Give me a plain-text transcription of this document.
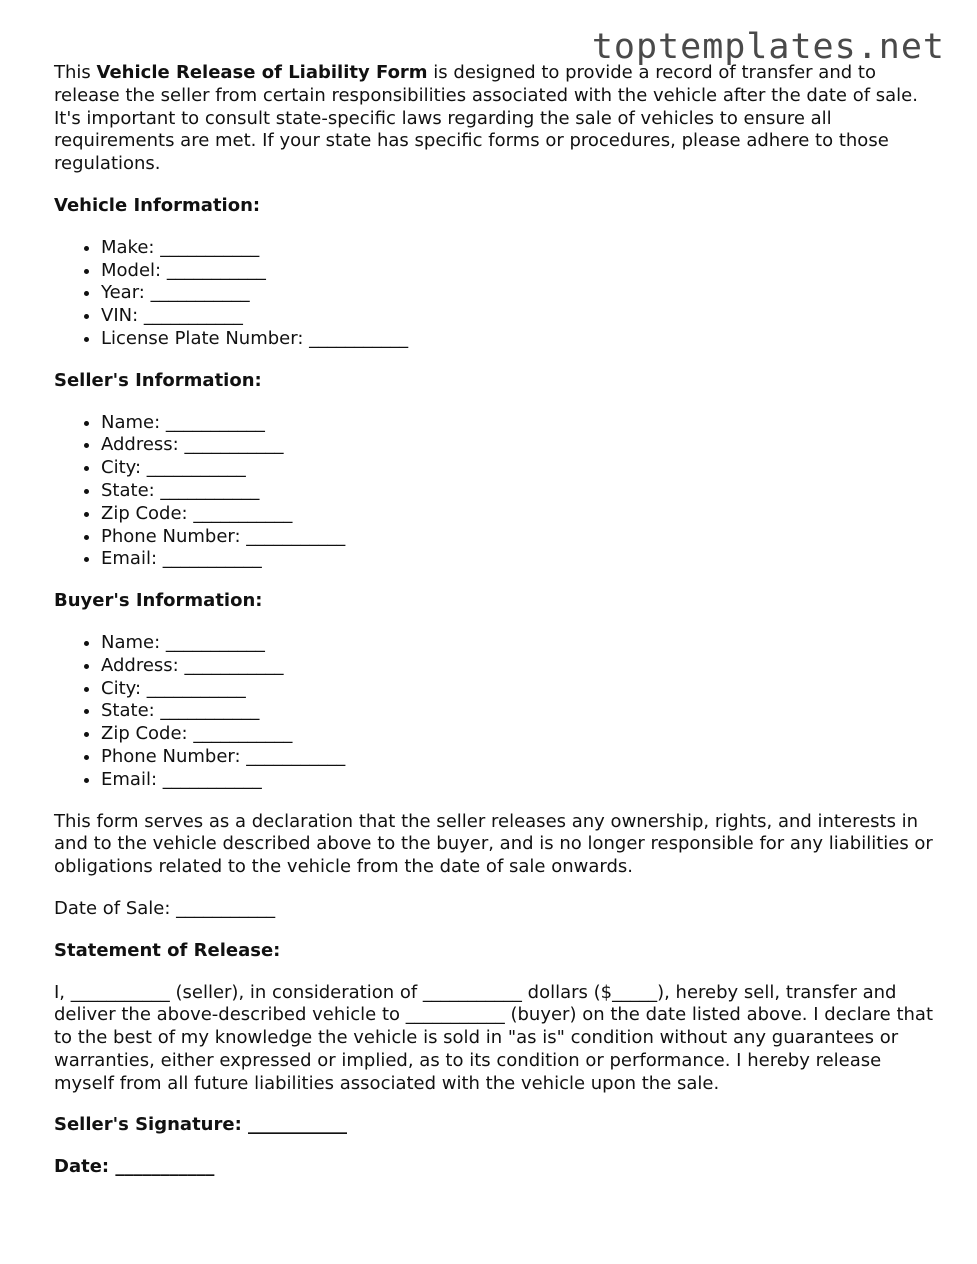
toptemplates.net

This Vehicle Release of Liability Form is designed to provide a record of transfer and to release the seller from certain responsibilities associated with the vehicle after the date of sale. It's important to consult state-specific laws regarding the sale of vehicles to ensure all requirements are met. If your state has specific forms or procedures, please adhere to those regulations.

Vehicle Information:

• Make: ___________
• Model: ___________
• Year: ___________
• VIN: ___________
• License Plate Number: ___________

Seller's Information:

• Name: ___________
• Address: ___________
• City: ___________
• State: ___________
• Zip Code: ___________
• Phone Number: ___________
• Email: ___________

Buyer's Information:

• Name: ___________
• Address: ___________
• City: ___________
• State: ___________
• Zip Code: ___________
• Phone Number: ___________
• Email: ___________

This form serves as a declaration that the seller releases any ownership, rights, and interests in and to the vehicle described above to the buyer, and is no longer responsible for any liabilities or obligations related to the vehicle from the date of sale onwards.

Date of Sale: ___________

Statement of Release:

I, ___________ (seller), in consideration of ___________ dollars ($_____), hereby sell, transfer and deliver the above-described vehicle to ___________ (buyer) on the date listed above. I declare that to the best of my knowledge the vehicle is sold in "as is" condition without any guarantees or warranties, either expressed or implied, as to its condition or performance. I hereby release myself from all future liabilities associated with the vehicle upon the sale.

Seller's Signature: ___________

Date: ___________
